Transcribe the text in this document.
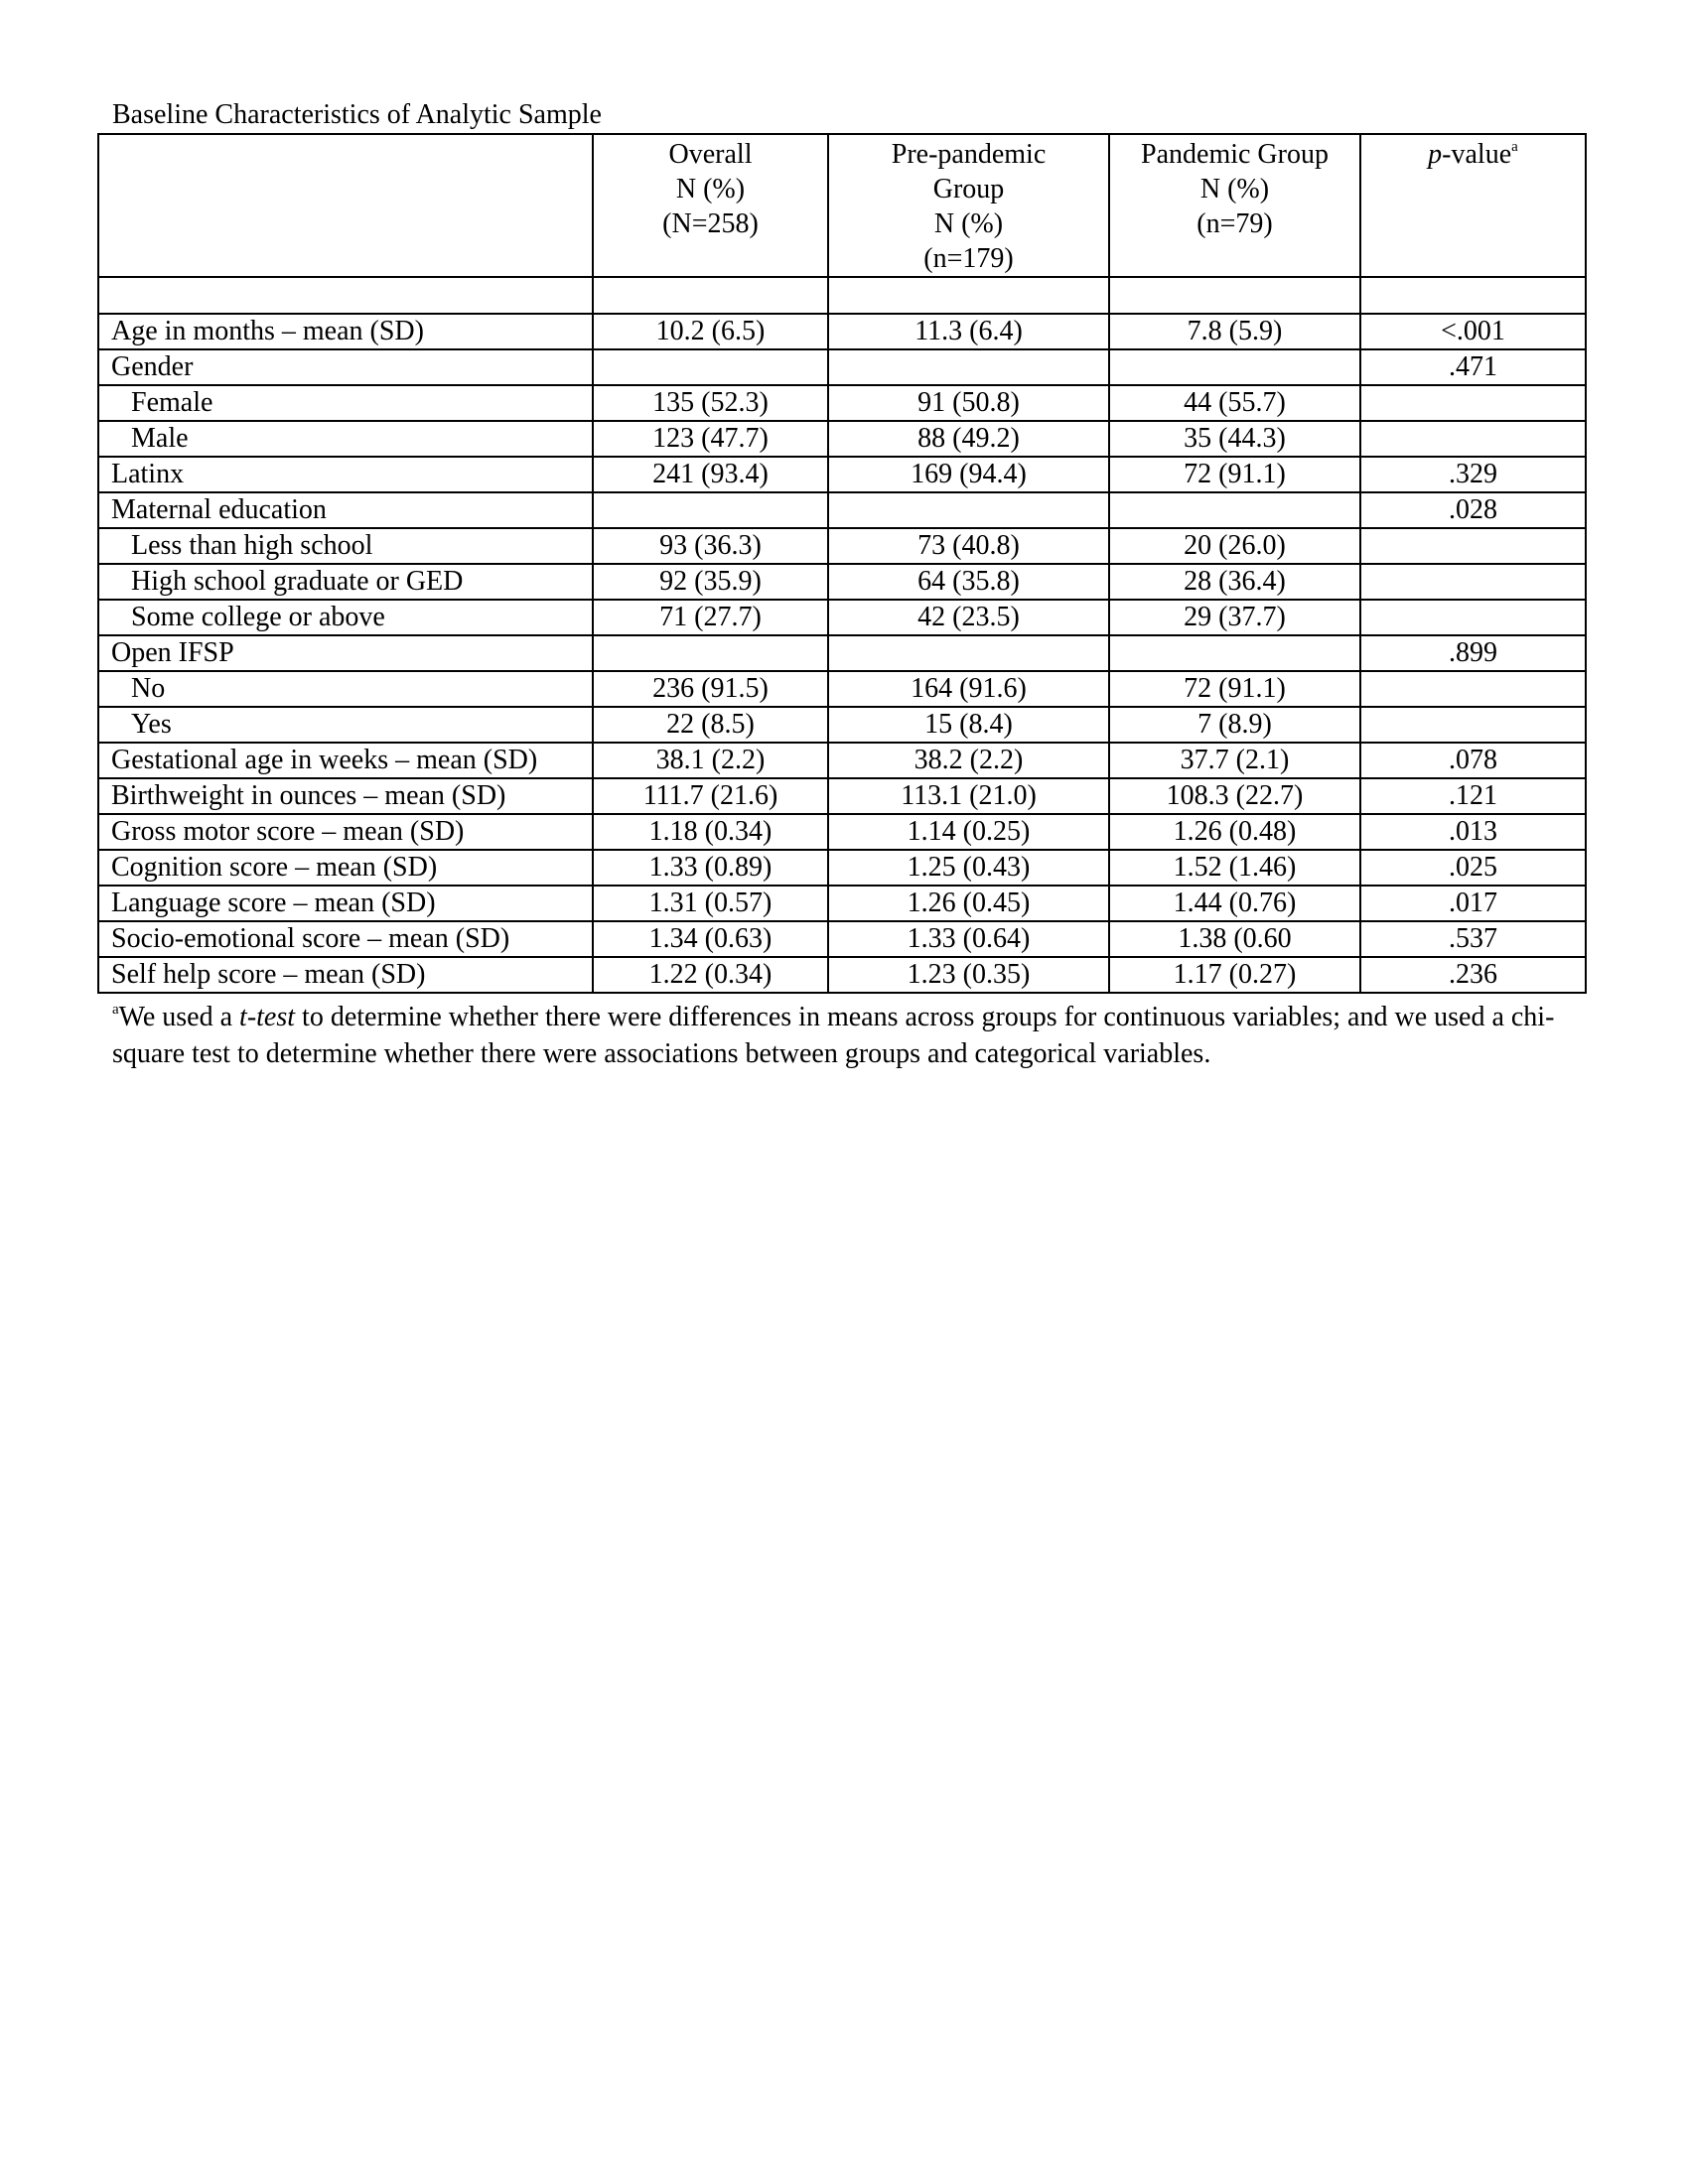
Baseline Characteristics of Analytic Sample

	Overall
N (%)
(N=258)	Pre-pandemic
Group
N (%)
(n=179)	Pandemic Group
N (%)
(n=79)	p-value$^a$

Age in months – mean (SD)	10.2 (6.5)	11.3 (6.4)	7.8 (5.9)	<.001
Gender				.471
Female	135 (52.3)	91 (50.8)	44 (55.7)	
Male	123 (47.7)	88 (49.2)	35 (44.3)	
Latinx	241 (93.4)	169 (94.4)	72 (91.1)	.329
Maternal education				.028
Less than high school	93 (36.3)	73 (40.8)	20 (26.0)	
High school graduate or GED	92 (35.9)	64 (35.8)	28 (36.4)	
Some college or above	71 (27.7)	42 (23.5)	29 (37.7)	
Open IFSP				.899
No	236 (91.5)	164 (91.6)	72 (91.1)	
Yes	22 (8.5)	15 (8.4)	7 (8.9)	
Gestational age in weeks – mean (SD)	38.1 (2.2)	38.2 (2.2)	37.7 (2.1)	.078
Birthweight in ounces – mean (SD)	111.7 (21.6)	113.1 (21.0)	108.3 (22.7)	.121
Gross motor score – mean (SD)	1.18 (0.34)	1.14 (0.25)	1.26 (0.48)	.013
Cognition score – mean (SD)	1.33 (0.89)	1.25 (0.43)	1.52 (1.46)	.025
Language score – mean (SD)	1.31 (0.57)	1.26 (0.45)	1.44 (0.76)	.017
Socio-emotional score – mean (SD)	1.34 (0.63)	1.33 (0.64)	1.38 (0.60	.537
Self help score – mean (SD)	1.22 (0.34)	1.23 (0.35)	1.17 (0.27)	.236
$^a$We used a t-test to determine whether there were differences in means across groups for continuous variables; and we used a chi-square test to determine whether there were associations between groups and categorical variables.
